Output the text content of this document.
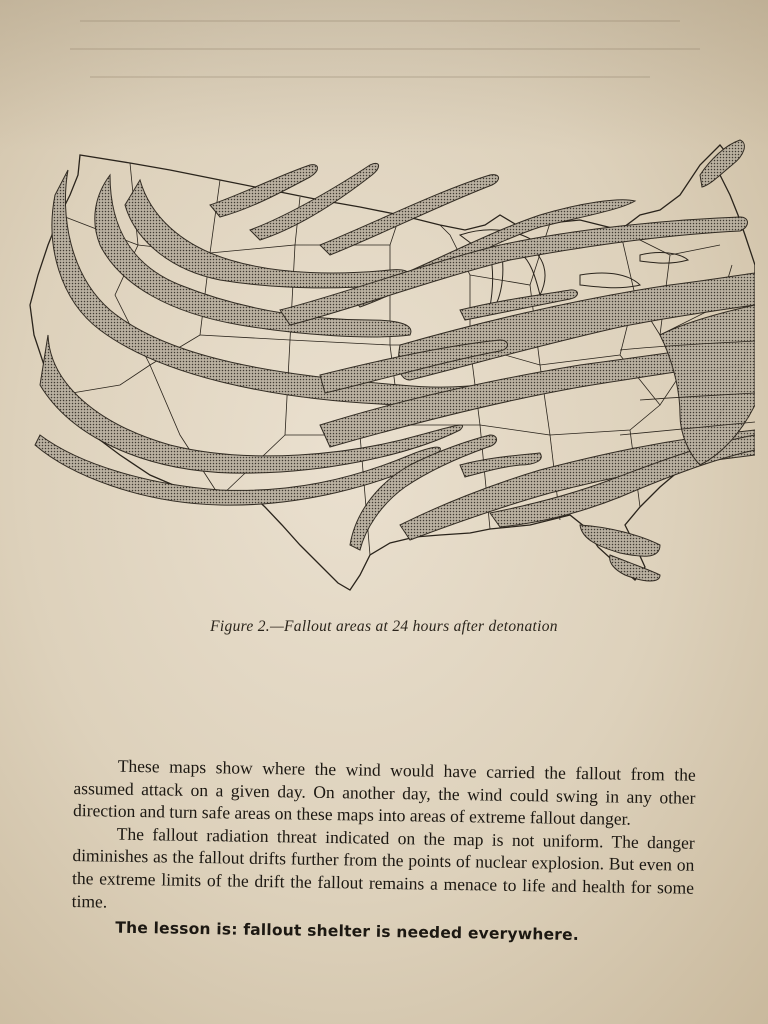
Figure 2.—Fallout areas at 24 hours after detonation

These maps show where the wind would have carried the fallout from the assumed attack on a given day. On another day, the wind could swing in any other direction and turn safe areas on these maps into areas of extreme fallout danger.

The fallout radiation threat indicated on the map is not uniform. The danger diminishes as the fallout drifts further from the points of nuclear explosion. But even on the extreme limits of the drift the fallout remains a menace to life and health for some time.

The lesson is: fallout shelter is needed everywhere.
